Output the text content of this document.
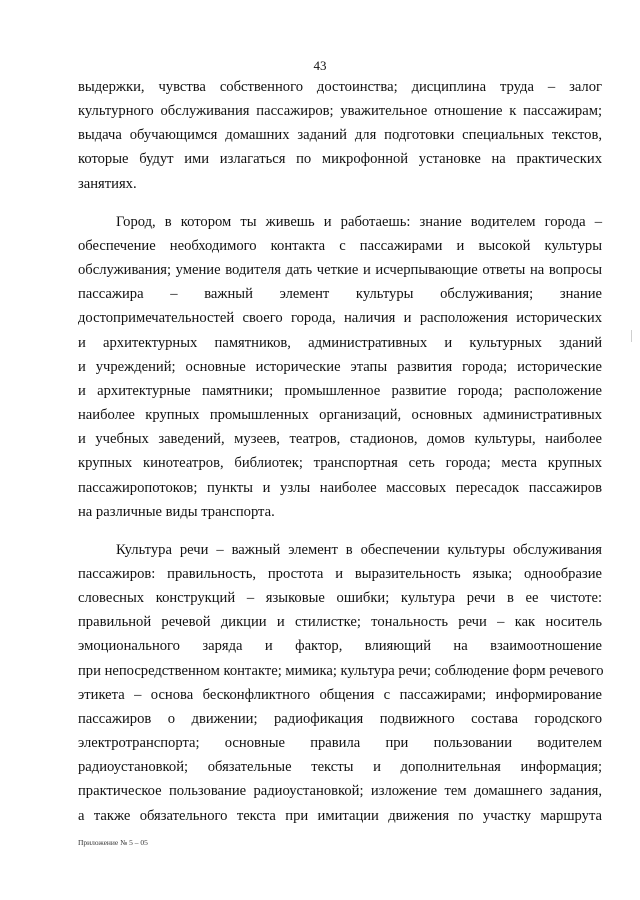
43
выдержки, чувства собственного достоинства; дисциплина труда – залог
культурного обслуживания пассажиров; уважительное отношение к пассажирам;
выдача обучающимся домашних заданий для подготовки специальных текстов,
которые будут ими излагаться по микрофонной установке на практических
занятиях.
Город, в котором ты живешь и работаешь: знание водителем города –
обеспечение необходимого контакта с пассажирами и высокой культуры
обслуживания; умение водителя дать четкие и исчерпывающие ответы на вопросы
пассажира – важный элемент культуры обслуживания; знание
достопримечательностей своего города, наличия и расположения исторических
и архитектурных памятников, административных и культурных зданий
и учреждений; основные исторические этапы развития города; исторические
и архитектурные памятники; промышленное развитие города; расположение
наиболее крупных промышленных организаций, основных административных
и учебных заведений, музеев, театров, стадионов, домов культуры, наиболее
крупных кинотеатров, библиотек; транспортная сеть города; места крупных
пассажиропотоков; пункты и узлы наиболее массовых пересадок пассажиров
на различные виды транспорта.
Культура речи – важный элемент в обеспечении культуры обслуживания
пассажиров: правильность, простота и выразительность языка; однообразие
словесных конструкций – языковые ошибки; культура речи в ее чистоте:
правильной речевой дикции и стилистке; тональность речи – как носитель
эмоционального заряда и фактор, влияющий на взаимоотношение
при непосредственном контакте; мимика; культура речи; соблюдение форм речевого
этикета – основа бесконфликтного общения с пассажирами; информирование
пассажиров о движении; радиофикация подвижного состава городского
электротранспорта; основные правила при пользовании водителем
радиоустановкой; обязательные тексты и дополнительная информация;
практическое пользование радиоустановкой; изложение тем домашнего задания,
а также обязательного текста при имитации движения по участку маршрута
Приложение № 5 – 05
